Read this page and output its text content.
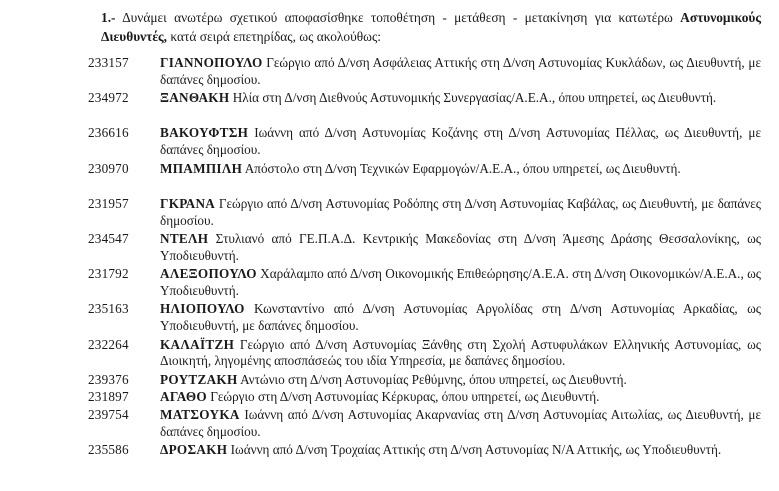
1.- Δυνάμει ανωτέρω σχετικού αποφασίσθηκε τοποθέτηση - μετάθεση - μετακίνηση για κατωτέρω Αστυνομικούς Διευθυντές, κατά σειρά επετηρίδας, ως ακολούθως:
233157 ΓΙΑΝΝΟΠΟΥΛΟ Γεώργιο από Δ/νση Ασφάλειας Αττικής στη Δ/νση Αστυνομίας Κυκλάδων, ως Διευθυντή, με δαπάνες δημοσίου.
234972 ΞΑΝΘΑΚΗ Ηλία στη Δ/νση Διεθνούς Αστυνομικής Συνεργασίας/Α.Ε.Α., όπου υπηρετεί, ως Διευθυντή.
236616 ΒΑΚΟΥΦΤΣΗ Ιωάννη από Δ/νση Αστυνομίας Κοζάνης στη Δ/νση Αστυνομίας Πέλλας, ως Διευθυντή, με δαπάνες δημοσίου.
230970 ΜΠΑΜΠΙΛΗ Απόστολο στη Δ/νση Τεχνικών Εφαρμογών/Α.Ε.Α., όπου υπηρετεί, ως Διευθυντή.
231957 ΓΚΡΑΝΑ Γεώργιο από Δ/νση Αστυνομίας Ροδόπης στη Δ/νση Αστυνομίας Καβάλας, ως Διευθυντή, με δαπάνες δημοσίου.
234547 ΝΤΕΛΗ Στυλιανό από ΓΕ.Π.Α.Δ. Κεντρικής Μακεδονίας στη Δ/νση Άμεσης Δράσης Θεσσαλονίκης, ως Υποδιευθυντή.
231792 ΑΛΕΞΟΠΟΥΛΟ Χαράλαμπο από Δ/νση Οικονομικής Επιθεώρησης/Α.Ε.Α. στη Δ/νση Οικονομικών/Α.Ε.Α., ως Υποδιευθυντή.
235163 ΗΛΙΟΠΟΥΛΟ Κωνσταντίνο από Δ/νση Αστυνομίας Αργολίδας στη Δ/νση Αστυνομίας Αρκαδίας, ως Υποδιευθυντή, με δαπάνες δημοσίου.
232264 ΚΑΛΑΪΤΖΗ Γεώργιο από Δ/νση Αστυνομίας Ξάνθης στη Σχολή Αστυφυλάκων Ελληνικής Αστυνομίας, ως Διοικητή, ληγομένης αποσπάσεώς του ιδία Υπηρεσία, με δαπάνες δημοσίου.
239376 ΡΟΥΤΖΑΚΗ Αντώνιο στη Δ/νση Αστυνομίας Ρεθύμνης, όπου υπηρετεί, ως Διευθυντή.
231897 ΑΓΑΘΟ Γεώργιο στη Δ/νση Αστυνομίας Κέρκυρας, όπου υπηρετεί, ως Διευθυντή.
239754 ΜΑΤΣΟΥΚΑ Ιωάννη από Δ/νση Αστυνομίας Ακαρνανίας στη Δ/νση Αστυνομίας Αιτωλίας, ως Διευθυντή, με δαπάνες δημοσίου.
235586 ΔΡΟΣΑΚΗ Ιωάννη από Δ/νση Τροχαίας Αττικής στη Δ/νση Αστυνομίας Ν/Α Αττικής, ως Υποδιευθυντή.
